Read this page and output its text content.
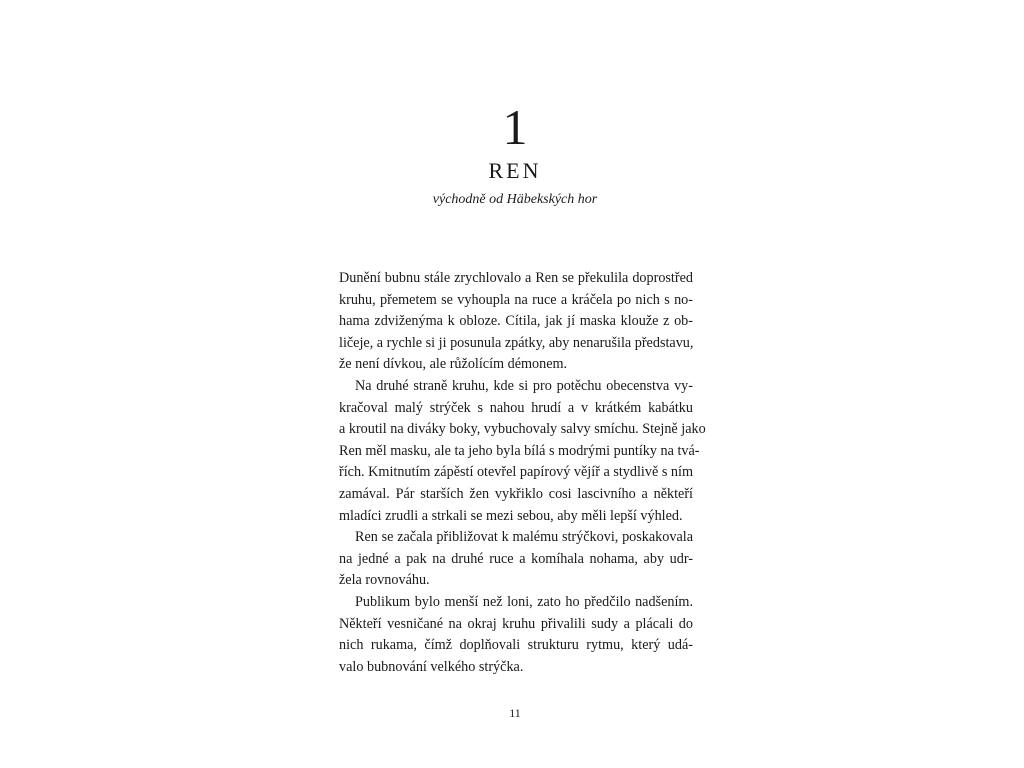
1
REN
východně od Häbekských hor
Dunění bubnu stále zrychlovalo a Ren se překulila doprostřed
kruhu, přemetem se vyhoupla na ruce a kráčela po nich s no-
hama zdviženýma k obloze. Cítila, jak jí maska klouže z ob-
ličeje, a rychle si ji posunula zpátky, aby nenarušila představu,
že není dívkou, ale růžolícím démonem.
Na druhé straně kruhu, kde si pro potěchu obecenstva vy-
kračoval malý strýček s nahou hrudí a v krátkém kabátku
a kroutil na diváky boky, vybuchovaly salvy smíchu. Stejně jako
Ren měl masku, ale ta jeho byla bílá s modrými puntíky na tvá-
řích. Kmitnutím zápěstí otevřel papírový vějíř a stydlivě s ním
zamával. Pár starších žen vykřiklo cosi lascivního a někteří
mladíci zrudli a strkali se mezi sebou, aby měli lepší výhled.
Ren se začala přibližovat k malému strýčkovi, poskakovala
na jedné a pak na druhé ruce a komíhala nohama, aby udr-
žela rovnováhu.
Publikum bylo menší než loni, zato ho předčilo nadšením.
Někteří vesničané na okraj kruhu přivalili sudy a plácali do
nich rukama, čímž doplňovali strukturu rytmu, který udá-
valo bubnování velkého strýčka.
11
